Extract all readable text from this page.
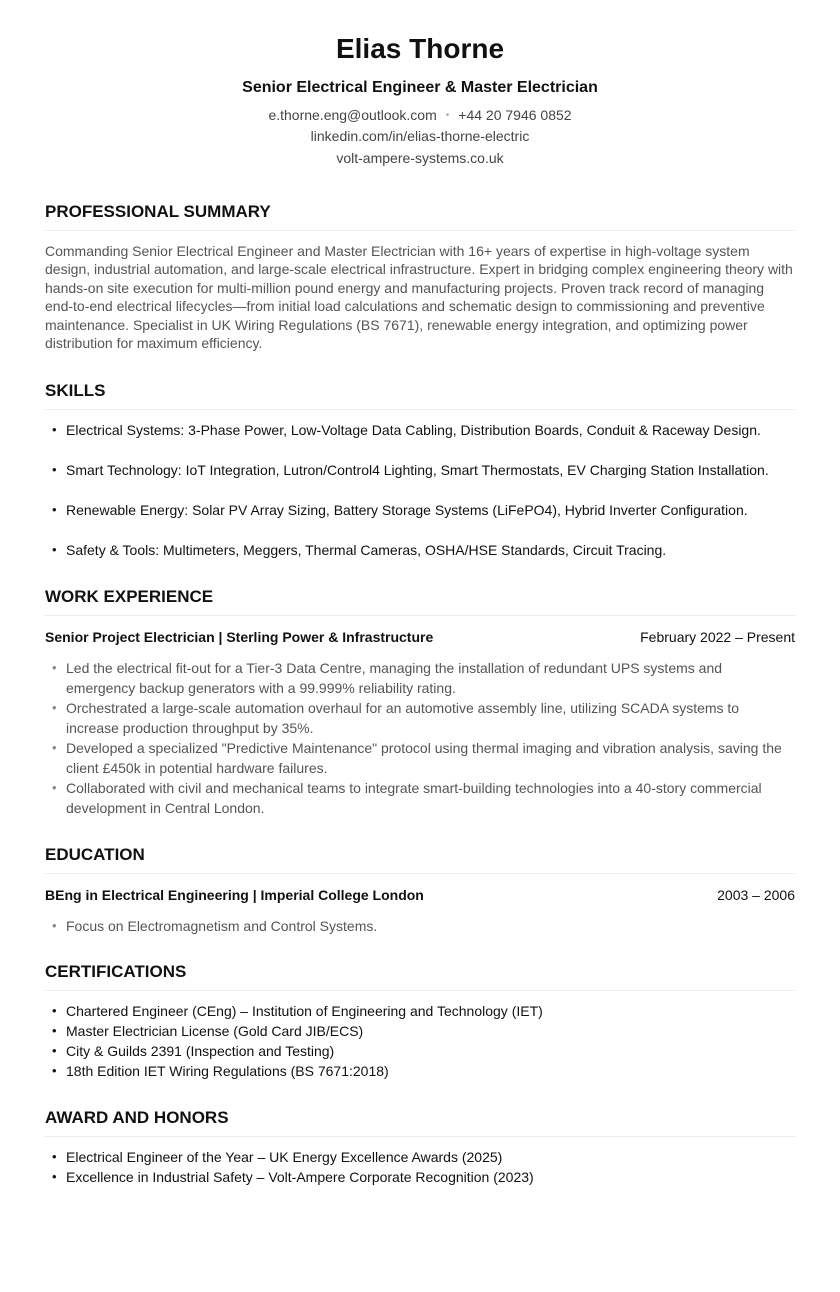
Elias Thorne
Senior Electrical Engineer & Master Electrician
e.thorne.eng@outlook.com • +44 20 7946 0852
linkedin.com/in/elias-thorne-electric
volt-ampere-systems.co.uk
PROFESSIONAL SUMMARY
Commanding Senior Electrical Engineer and Master Electrician with 16+ years of expertise in high-voltage system design, industrial automation, and large-scale electrical infrastructure. Expert in bridging complex engineering theory with hands-on site execution for multi-million pound energy and manufacturing projects. Proven track record of managing end-to-end electrical lifecycles—from initial load calculations and schematic design to commissioning and preventive maintenance. Specialist in UK Wiring Regulations (BS 7671), renewable energy integration, and optimizing power distribution for maximum efficiency.
SKILLS
• Electrical Systems: 3-Phase Power, Low-Voltage Data Cabling, Distribution Boards, Conduit & Raceway Design.
• Smart Technology: IoT Integration, Lutron/Control4 Lighting, Smart Thermostats, EV Charging Station Installation.
• Renewable Energy: Solar PV Array Sizing, Battery Storage Systems (LiFePO4), Hybrid Inverter Configuration.
• Safety & Tools: Multimeters, Meggers, Thermal Cameras, OSHA/HSE Standards, Circuit Tracing.
WORK EXPERIENCE
Senior Project Electrician | Sterling Power & Infrastructure	February 2022 – Present
• Led the electrical fit-out for a Tier-3 Data Centre, managing the installation of redundant UPS systems and emergency backup generators with a 99.999% reliability rating.
• Orchestrated a large-scale automation overhaul for an automotive assembly line, utilizing SCADA systems to increase production throughput by 35%.
• Developed a specialized "Predictive Maintenance" protocol using thermal imaging and vibration analysis, saving the client £450k in potential hardware failures.
• Collaborated with civil and mechanical teams to integrate smart-building technologies into a 40-story commercial development in Central London.
EDUCATION
BEng in Electrical Engineering | Imperial College London	2003 – 2006
• Focus on Electromagnetism and Control Systems.
CERTIFICATIONS
• Chartered Engineer (CEng) – Institution of Engineering and Technology (IET)
• Master Electrician License (Gold Card JIB/ECS)
• City & Guilds 2391 (Inspection and Testing)
• 18th Edition IET Wiring Regulations (BS 7671:2018)
AWARD AND HONORS
• Electrical Engineer of the Year – UK Energy Excellence Awards (2025)
• Excellence in Industrial Safety – Volt-Ampere Corporate Recognition (2023)
